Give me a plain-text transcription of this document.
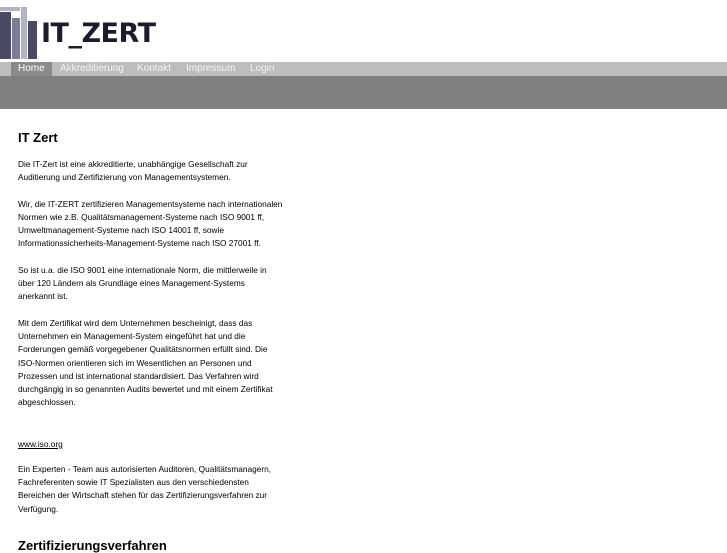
IT_ZERT
Home	Akkreditierung Kontakt Impressum Login
IT Zert

Die IT-Zert ist eine akkreditierte, unabhängige Gesellschaft zur
Auditierung und Zertifizierung von Managementsystemen.

Wir, die IT-ZERT zertifizieren Managementsysteme nach internationalen
Normen wie z.B. Qualitätsmanagement-Systeme nach ISO 9001 ff,
Umweltmanagement-Systeme nach ISO 14001 ff, sowie
Informationssicherheits-Management-Systeme nach ISO 27001 ff.

So ist u.a. die ISO 9001 eine internationale Norm, die mittlerweile in
über 120 Ländern als Grundlage eines Management-Systems
anerkannt ist.

Mit dem Zertifikat wird dem Unternehmen bescheinigt, dass das
Unternehmen ein Management-System eingeführt hat und die
Forderungen gemäß vorgegebener Qualitätsnormen erfüllt sind. Die
ISO-Normen orientieren sich im Wesentlichen an Personen und
Prozessen und ist international standardisiert. Das Verfahren wird
durchgängig in so genannten Audits bewertet und mit einem Zertifikat
abgeschlossen.

www.iso.org

Ein Experten - Team aus autorisierten Auditoren, Qualitätsmanagern,
Fachreferenten sowie IT Spezialisten aus den verschiedensten
Bereichen der Wirtschaft stehen für das Zertifizierungsverfahren zur
Verfügung.

Zertifizierungsverfahren
